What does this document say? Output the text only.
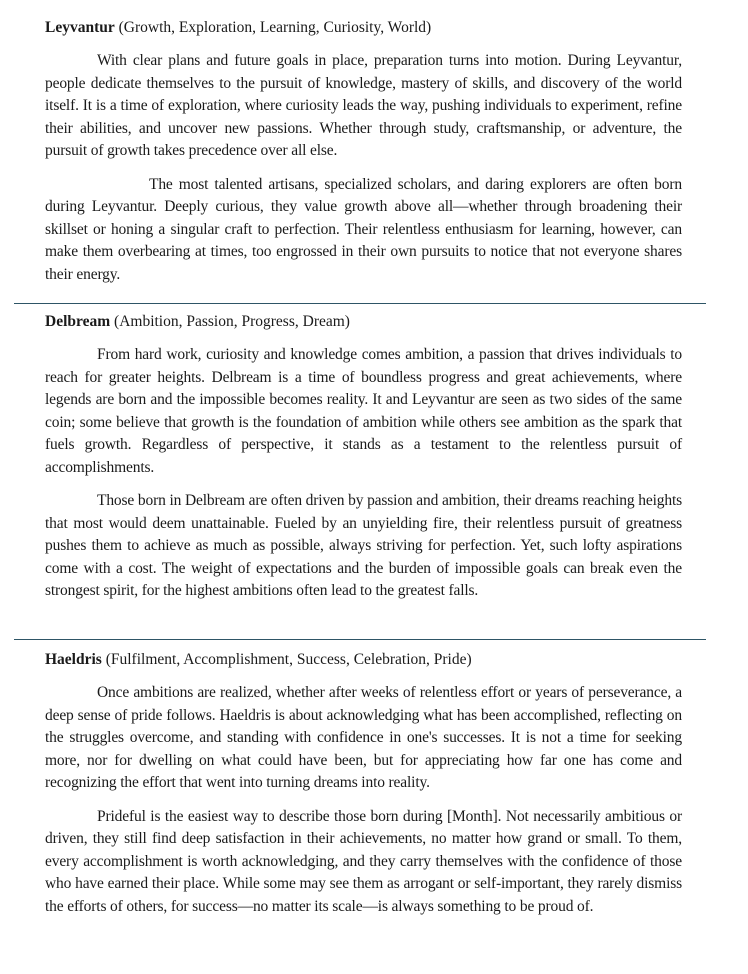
Leyvantur (Growth, Exploration, Learning, Curiosity, World)

With clear plans and future goals in place, preparation turns into motion. During Leyvantur, people dedicate themselves to the pursuit of knowledge, mastery of skills, and discovery of the world itself. It is a time of exploration, where curiosity leads the way, pushing individuals to experiment, refine their abilities, and uncover new passions. Whether through study, craftsmanship, or adventure, the pursuit of growth takes precedence over all else.

The most talented artisans, specialized scholars, and daring explorers are often born during Leyvantur. Deeply curious, they value growth above all—whether through broadening their skillset or honing a singular craft to perfection. Their relentless enthusiasm for learning, however, can make them overbearing at times, too engrossed in their own pursuits to notice that not everyone shares their energy.

Delbream (Ambition, Passion, Progress, Dream)

From hard work, curiosity and knowledge comes ambition, a passion that drives individuals to reach for greater heights. Delbream is a time of boundless progress and great achievements, where legends are born and the impossible becomes reality. It and Leyvantur are seen as two sides of the same coin; some believe that growth is the foundation of ambition while others see ambition as the spark that fuels growth. Regardless of perspective, it stands as a testament to the relentless pursuit of accomplishments.

Those born in Delbream are often driven by passion and ambition, their dreams reaching heights that most would deem unattainable. Fueled by an unyielding fire, their relentless pursuit of greatness pushes them to achieve as much as possible, always striving for perfection. Yet, such lofty aspirations come with a cost. The weight of expectations and the burden of impossible goals can break even the strongest spirit, for the highest ambitions often lead to the greatest falls.

Haeldris (Fulfilment, Accomplishment, Success, Celebration, Pride)

Once ambitions are realized, whether after weeks of relentless effort or years of perseverance, a deep sense of pride follows. Haeldris is about acknowledging what has been accomplished, reflecting on the struggles overcome, and standing with confidence in one's successes. It is not a time for seeking more, nor for dwelling on what could have been, but for appreciating how far one has come and recognizing the effort that went into turning dreams into reality.

Prideful is the easiest way to describe those born during [Month]. Not necessarily ambitious or driven, they still find deep satisfaction in their achievements, no matter how grand or small. To them, every accomplishment is worth acknowledging, and they carry themselves with the confidence of those who have earned their place. While some may see them as arrogant or self-important, they rarely dismiss the efforts of others, for success—no matter its scale—is always something to be proud of.
